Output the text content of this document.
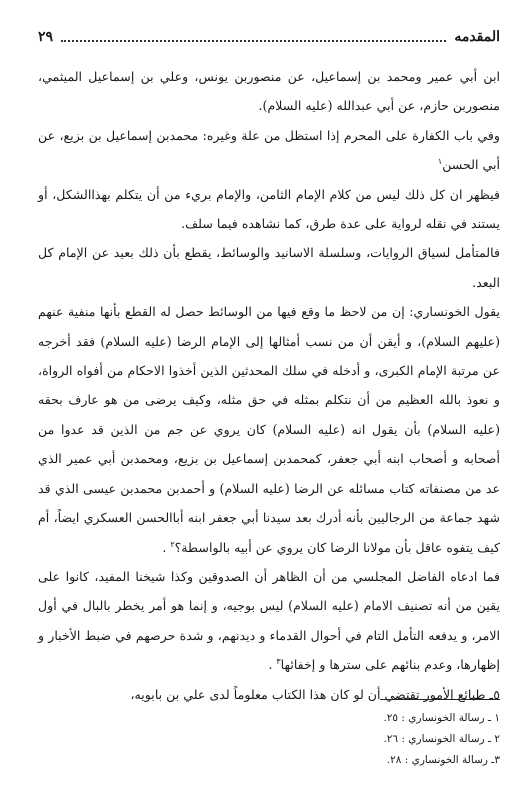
المقدمه
٢٩

ابن أبي عمير ومحمد بن إسماعيل، عن منصوربن يونس، وعلي بن إسماعيل الميثمي، منصوربن حازم، عن أبي عبدالله (عليه السلام).

وفي باب الكفارة على المحرم إذا استظل من علة وغيره: محمدبن إسماعيل بن بزيع، عن أبي الحسن$^١$

فيظهر ان كل ذلك ليس من كلام الإمام الثامن، والإمام بريء من أن يتكلم بهذاالشكل، أو يستند في نقله لرواية على عدة طرق، كما نشاهده فيما سلف.

فالمتأمل لسياق الروايات، وسلسلة الاسانيد والوسائط، يقطع بأن ذلك بعيد عن الإمام كل البعد.

يقول الخونساري: إن من لاحظ ما وقع فيها من الوسائط حصل له القطع بأنها منفية عنهم (عليهم السلام)، و أيقن أن من نسب أمثالها إلى الإمام الرضا (عليه السلام) فقد أخرجه عن مرتبة الإمام الكبرى، و أدخله في سلك المحدثين الذين أخذوا الاحكام من أفواه الرواة، و نعوذ بالله العظيم من أن نتكلم بمثله في حق مثله، وكيف يرضى من هو عارف بحقه (عليه السلام) بأن يقول انه (عليه السلام) كان يروي عن جم من الذين قد عدوا من أصحابه و أصحاب ابنه أبي جعفر، كمحمدبن إسماعيل بن بزيع، ومحمدبن أبي عمير الذي عد من مصنفاته كتاب مسائله عن الرضا (عليه السلام) و أحمدبن محمدبن عيسى الذي قد شهد جماعة من الرجاليين بأنه أدرك بعد سيدنا أبي جعفر ابنه أباالحسن العسكري ايضاً، أم كيف يتفوه عاقل بأن مولانا الرضا كان يروي عن أبيه بالواسطة؟$^٢$ .

فما ادعاه الفاضل المجلسي من أن الظاهر أن الصدوقين وكذا شيخنا المفيد، كانوا على يقين من أنه تصنيف الامام (عليه السلام) ليس بوجيه، و إنما هو أمر يخطر بالبال في أول الامر، و يدفعه التأمل التام في أحوال القدماء و ديدنهم، و شدة حرصهم في ضبط الأخبار و إظهارها، وعدم بنائهم على سترها و إخفائها$^٣$ .

٥ـ طبائع الأمور تقتضي أن لو كان هذا الكتاب معلوماً لدى علي بن بابويه،

١ ـ رسالة الخونساري : ٢٥.
٢ ـ رسالة الخونساري : ٢٦.
٣ـ رسالة الخونساري : ٢٨.
